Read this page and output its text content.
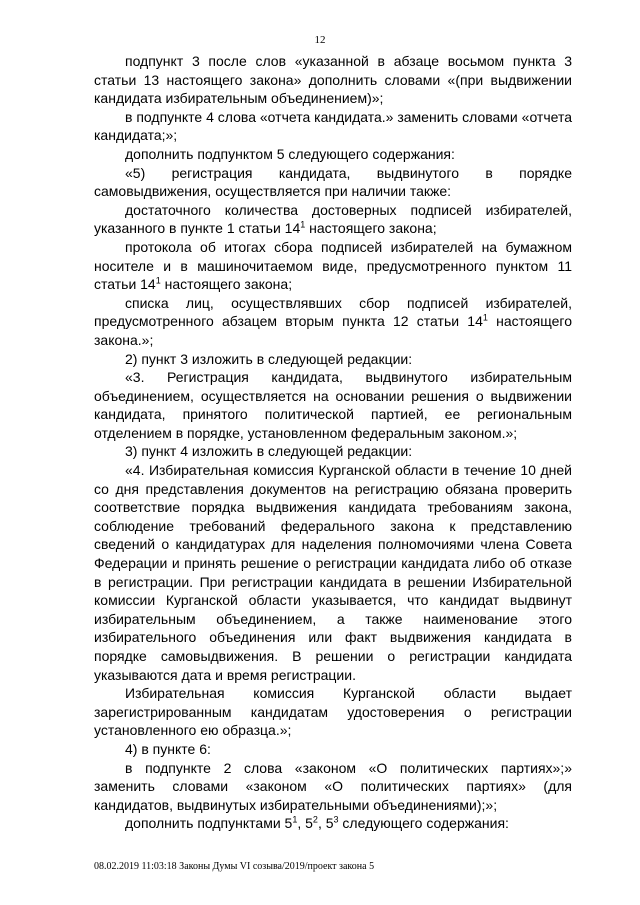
12

подпункт 3 после слов «указанной в абзаце восьмом пункта 3 статьи 13 настоящего закона» дополнить словами «(при выдвижении кандидата избирательным объединением)»;

в подпункте 4 слова «отчета кандидата.» заменить словами «отчета кандидата;»;

дополнить подпунктом 5 следующего содержания:

«5) регистрация кандидата, выдвинутого в порядке самовыдвижения, осуществляется при наличии также:

достаточного количества достоверных подписей избирателей, указанного в пункте 1 статьи $14^1$ настоящего закона;

протокола об итогах сбора подписей избирателей на бумажном носителе и в машиночитаемом виде, предусмотренного пунктом 11 статьи $14^1$ настоящего закона;

списка лиц, осуществлявших сбор подписей избирателей, предусмотренного абзацем вторым пункта 12 статьи $14^1$ настоящего закона.»;

2) пункт 3 изложить в следующей редакции:

«3. Регистрация кандидата, выдвинутого избирательным объединением, осуществляется на основании решения о выдвижении кандидата, принятого политической партией, ее региональным отделением в порядке, установленном федеральным законом.»;

3) пункт 4 изложить в следующей редакции:

«4. Избирательная комиссия Курганской области в течение 10 дней со дня представления документов на регистрацию обязана проверить соответствие порядка выдвижения кандидата требованиям закона, соблюдение требований федерального закона к представлению сведений о кандидатурах для наделения полномочиями члена Совета Федерации и принять решение о регистрации кандидата либо об отказе в регистрации. При регистрации кандидата в решении Избирательной комиссии Курганской области указывается, что кандидат выдвинут избирательным объединением, а также наименование этого избирательного объединения или факт выдвижения кандидата в порядке самовыдвижения. В решении о регистрации кандидата указываются дата и время регистрации.

Избирательная комиссия Курганской области выдает зарегистрированным кандидатам удостоверения о регистрации установленного ею образца.»;

4) в пункте 6:

в подпункте 2 слова «законом «О политических партиях»;» заменить словами «законом «О политических партиях» (для кандидатов, выдвинутых избирательными объединениями);»;

дополнить подпунктами $5^1$, $5^2$, $5^3$ следующего содержания:

08.02.2019 11:03:18 Законы Думы VI созыва/2019/проект закона 5
